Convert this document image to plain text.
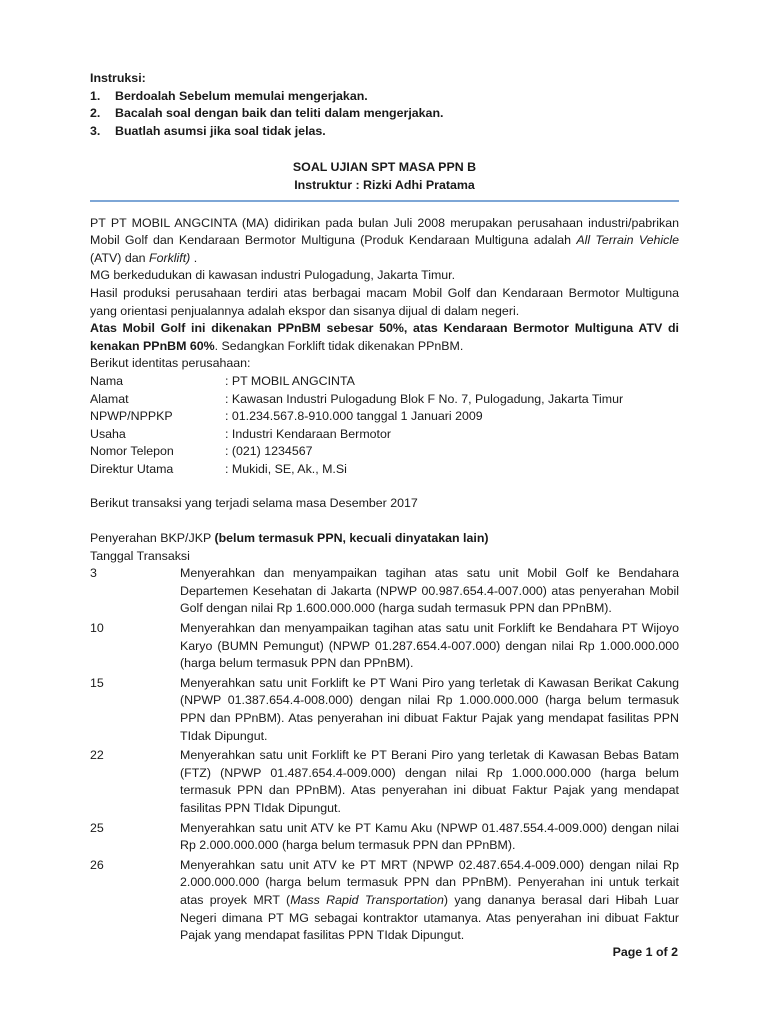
Instruksi:
1.	Berdoalah Sebelum memulai mengerjakan.
2.	Bacalah soal dengan baik dan teliti dalam mengerjakan.
3.	Buatlah asumsi jika soal tidak jelas.
SOAL UJIAN SPT MASA PPN B
Instruktur : Rizki Adhi Pratama
PT PT MOBIL ANGCINTA (MA) didirikan pada bulan Juli 2008 merupakan perusahaan industri/pabrikan Mobil Golf dan Kendaraan Bermotor Multiguna (Produk Kendaraan Multiguna adalah All Terrain Vehicle (ATV) dan Forklift) .
MG berkedudukan di kawasan industri Pulogadung, Jakarta Timur.
Hasil produksi perusahaan terdiri atas berbagai macam Mobil Golf dan Kendaraan Bermotor Multiguna yang orientasi penjualannya adalah ekspor dan sisanya dijual di dalam negeri.
Atas Mobil Golf ini dikenakan PPnBM sebesar 50%, atas Kendaraan Bermotor Multiguna ATV di kenakan PPnBM 60%. Sedangkan Forklift tidak dikenakan PPnBM.
Berikut identitas perusahaan:
Nama	: PT MOBIL ANGCINTA
Alamat	: Kawasan Industri Pulogadung Blok F No. 7, Pulogadung, Jakarta Timur
NPWP/NPPKP	: 01.234.567.8-910.000 tanggal 1 Januari 2009
Usaha	: Industri Kendaraan Bermotor
Nomor Telepon	: (021) 1234567
Direktur Utama	: Mukidi, SE, Ak., M.Si
Berikut transaksi yang terjadi selama masa Desember 2017
Penyerahan BKP/JKP (belum termasuk PPN, kecuali dinyatakan lain)
Tanggal Transaksi
3	Menyerahkan dan menyampaikan tagihan atas satu unit Mobil Golf ke Bendahara Departemen Kesehatan di Jakarta (NPWP 00.987.654.4-007.000) atas penyerahan Mobil Golf dengan nilai Rp 1.600.000.000 (harga sudah termasuk PPN dan PPnBM).
10	Menyerahkan dan menyampaikan tagihan atas satu unit Forklift ke Bendahara PT Wijoyo Karyo (BUMN Pemungut) (NPWP 01.287.654.4-007.000) dengan nilai Rp 1.000.000.000 (harga belum termasuk PPN dan PPnBM).
15	Menyerahkan satu unit Forklift ke PT Wani Piro yang terletak di Kawasan Berikat Cakung (NPWP 01.387.654.4-008.000) dengan nilai Rp 1.000.000.000 (harga belum termasuk PPN dan PPnBM). Atas penyerahan ini dibuat Faktur Pajak yang mendapat fasilitas PPN TIdak Dipungut.
22	Menyerahkan satu unit Forklift ke PT Berani Piro yang terletak di Kawasan Bebas Batam (FTZ) (NPWP 01.487.654.4-009.000) dengan nilai Rp 1.000.000.000 (harga belum termasuk PPN dan PPnBM). Atas penyerahan ini dibuat Faktur Pajak yang mendapat fasilitas PPN TIdak Dipungut.
25	Menyerahkan satu unit ATV ke PT Kamu Aku (NPWP 01.487.554.4-009.000) dengan nilai Rp 2.000.000.000 (harga belum termasuk PPN dan PPnBM).
26	Menyerahkan satu unit ATV ke PT MRT (NPWP 02.487.654.4-009.000) dengan nilai Rp 2.000.000.000 (harga belum termasuk PPN dan PPnBM). Penyerahan ini untuk terkait atas proyek MRT (Mass Rapid Transportation) yang dananya berasal dari Hibah Luar Negeri dimana PT MG sebagai kontraktor utamanya. Atas penyerahan ini dibuat Faktur Pajak yang mendapat fasilitas PPN TIdak Dipungut.
Page 1 of 2
